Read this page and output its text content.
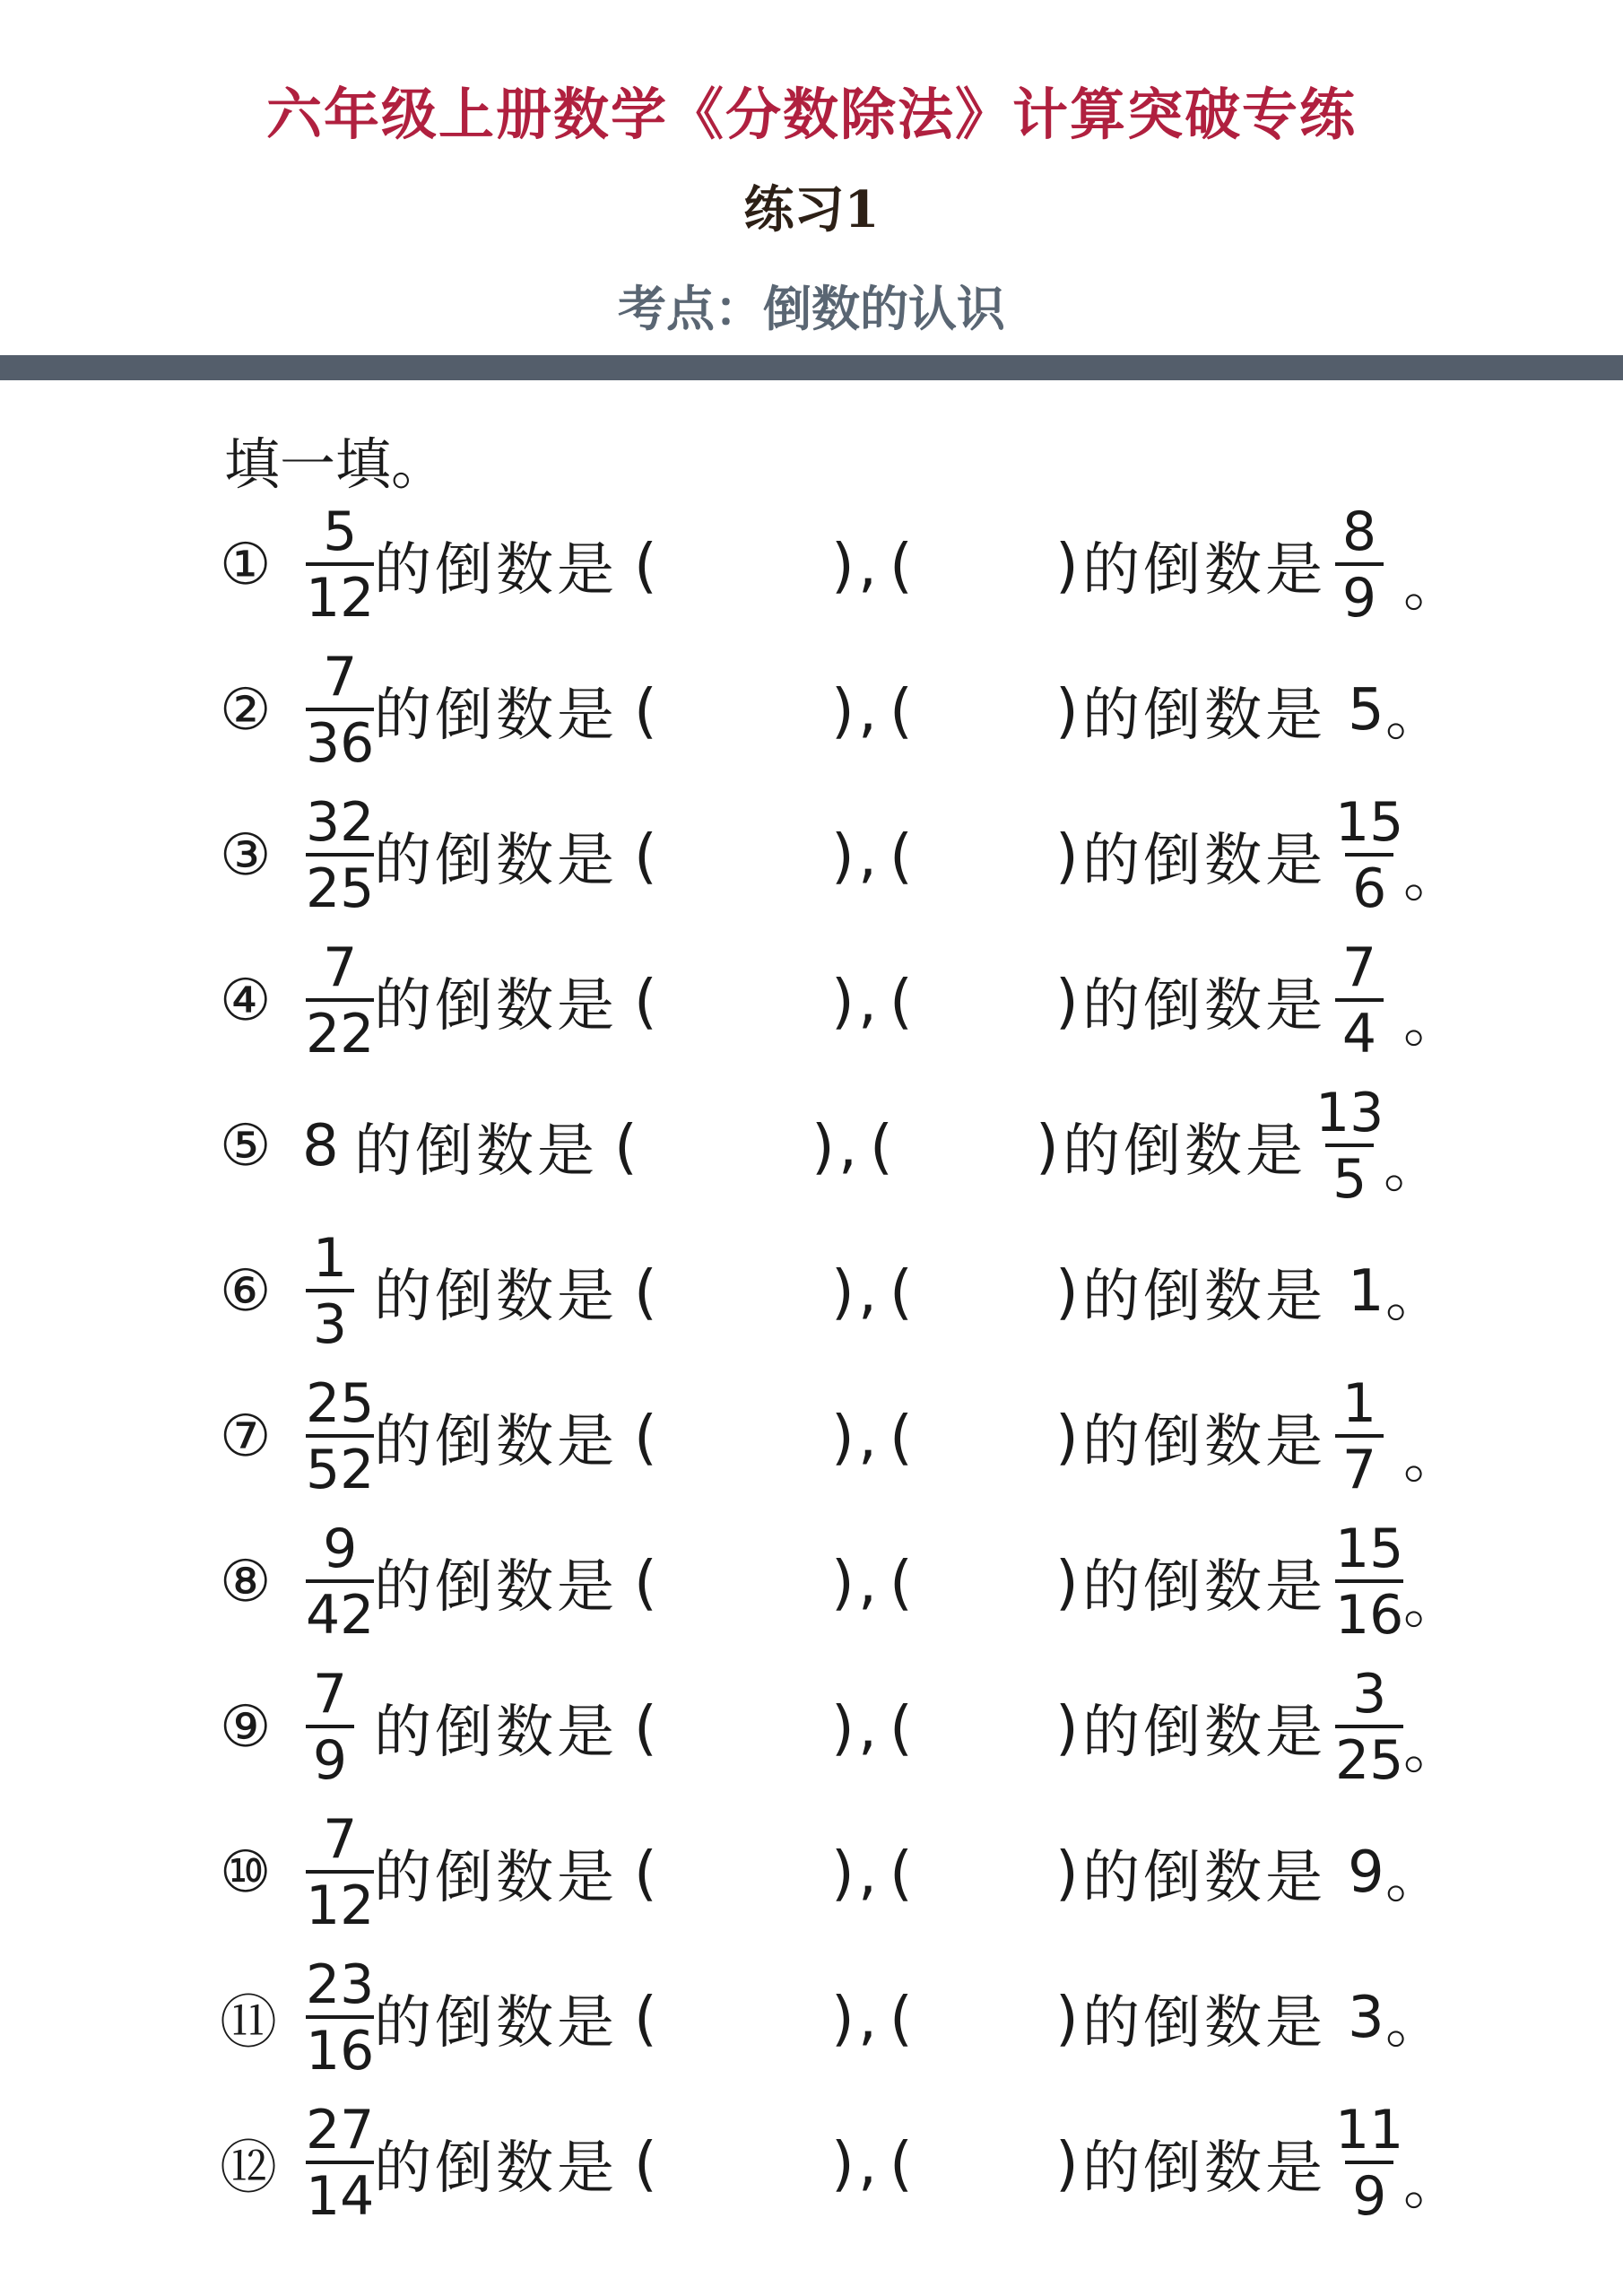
六年级上册数学《分数除法》计算突破专练
练习1
考点：倒数的认识
填一填。
① $\frac{5}{12}$
的倒数是 (	) , ( ) 的倒数是 $\frac{8}{9}$ 。
② $\frac{7}{36}$
的倒数是 (	) , ( ) 的倒数是 5 。
③ $\frac{32}{25}$
的倒数是 (	) , ( ) 的倒数是 $\frac{15}{6}$
。
④ $\frac{7}{22}$
的倒数是 (	) , ( ) 的倒数是 $\frac{7}{4}$ 。
⑤ 8 的倒数是 (	) , ( ) 的倒数是 $\frac{13}{5}$
。
⑥ $\frac{1}{3}$ 的倒数是 (	) , ( ) 的倒数是 1 。
⑦ $\frac{25}{52}$
的倒数是 (	) , ( ) 的倒数是 $\frac{1}{7}$ 。
⑧ $\frac{9}{42}$
的倒数是 (	) , ( ) 的倒数是 $\frac{15}{16}$
。
⑨ $\frac{7}{9}$ 的倒数是 (	) , ( ) 的倒数是 $\frac{3}{25}$
。
⑩ $\frac{7}{12}$
的倒数是 (	) , ( ) 的倒数是 9 。
⑪ $\frac{23}{16}$
的倒数是 (	) , ( ) 的倒数是 3 。
⑫ $\frac{27}{14}$
的倒数是 (	) , ( ) 的倒数是 $\frac{11}{9}$
。
